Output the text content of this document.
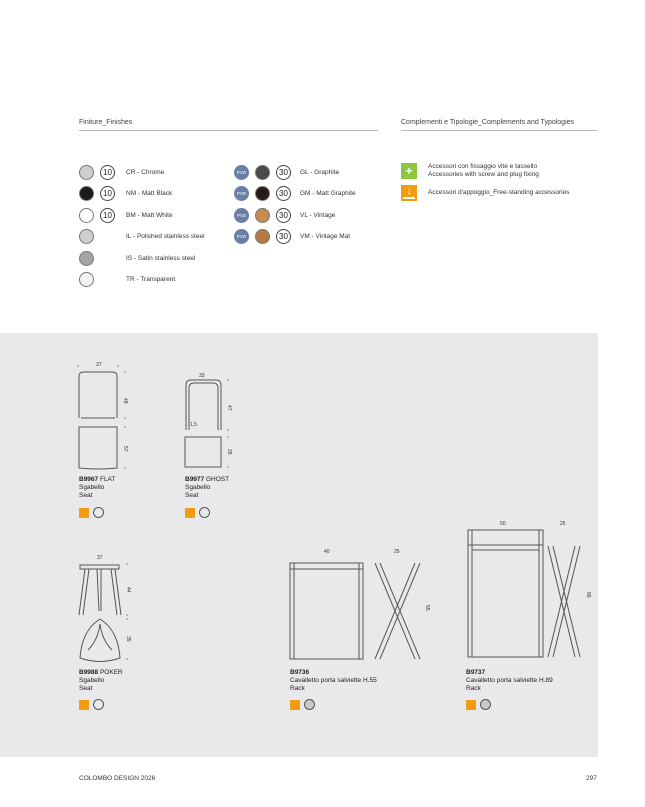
Finiture_Finishes	Complementi e Tipologie_Complements and Typologies
10	CR - Chrome
10	NM - Matt Black
10	BM - Matt White
IL - Polished stainless steel
IS - Satin stainless steel
TR - Transparent
PVD	30	GL - Graphite
PVD	30	GM - Matt Graphite
PVD	30	VL - Vintage
PVD	30	VM - Vintage Mat
+	Accessori con fissaggio vite e tassello
Accessories with screw and plug fixing
↓	Accessori d'appoggio_Free-standing accessories
37
48
57
33
47
1,5
28
37
44
35
40	25
55
50	25
89
B9967 FLAT
Sgabello
Seat
B9977 GHOST
Sgabello
Seat
B9988 POKER
Sgabello
Seat
B9736
Cavalletto porta salviette H.55
Rack
B9737
Cavalletto porta salviette H.89
Rack
COLOMBO DESIGN 2026	297
